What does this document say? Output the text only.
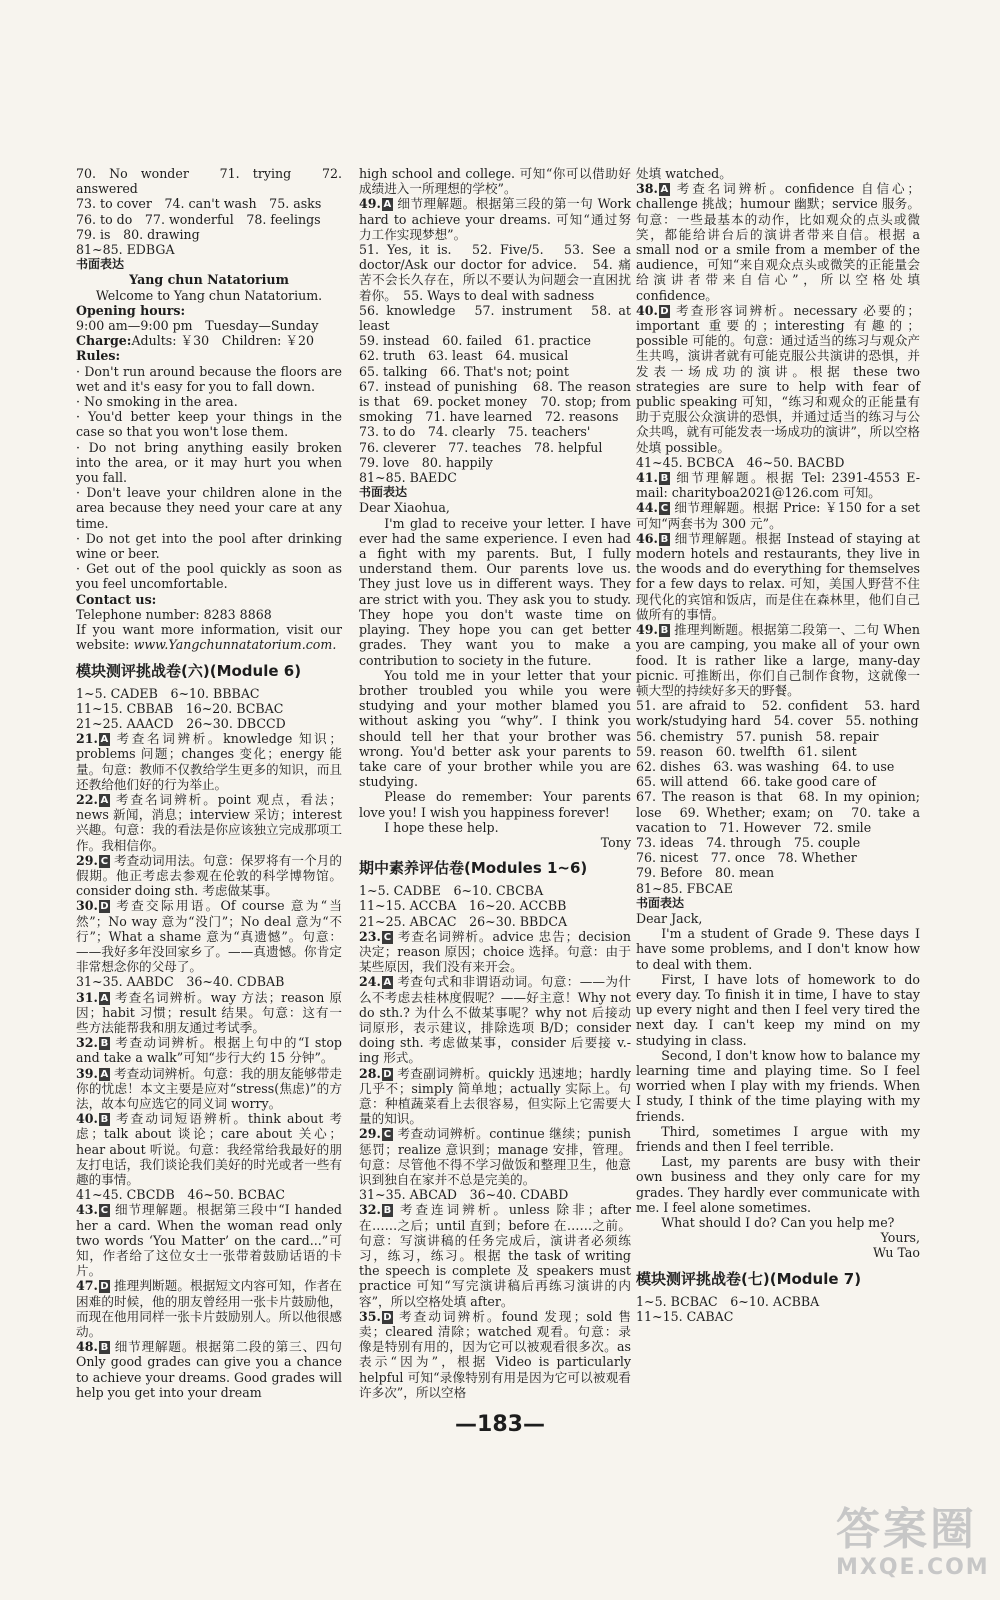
70. No wonder　71. trying　72. answered

73. to cover　74. can't wash　75. asks

76. to do　77. wonderful　78. feelings

79. is　80. drawing

81~85. EDBGA

书面表达

Yang chun Natatorium

Welcome to Yang chun Natatorium.

Opening hours:

9:00 am—9:00 pm　Tuesday—Sunday

Charge:Adults: ￥30　Children: ￥20

Rules:

· Don't run around because the floors are wet and it's easy for you to fall down.

· No smoking in the area.

· You'd better keep your things in the case so that you won't lose them.

· Do not bring anything easily broken into the area, or it may hurt you when you fall.

· Don't leave your children alone in the area because they need your care at any time.

· Do not get into the pool after drinking wine or beer.

· Get out of the pool quickly as soon as you feel uncomfortable.

Contact us:

Telephone number: 8283 8868

If you want more information, visit our website: www.Yangchunnatatorium.com.

模块测评挑战卷(六)(Module 6)

1~5. CADEB　6~10. BBBAC

11~15. CBBAB　16~20. BCBAC

21~25. AAACD　26~30. DBCCD

21. A 考查名词辨析。knowledge 知识；problems 问题；changes 变化；energy 能量。句意：教师不仅教给学生更多的知识，而且还教给他们好的行为举止。

22. A 考查名词辨析。point 观点，看法；news 新闻，消息；interview 采访；interest 兴趣。句意：我的看法是你应该独立完成那项工作。我相信你。

29. C 考查动词用法。句意：保罗将有一个月的假期。他正考虑去参观在伦敦的科学博物馆。consider doing sth. 考虑做某事。

30. D 考查交际用语。Of course 意为“当然”；No way 意为“没门”；No deal 意为“不行”；What a shame 意为“真遗憾”。句意：——我好多年没回家乡了。——真遗憾。你肯定非常想念你的父母了。

31~35. AABDC　36~40. CDBAB

31. A 考查名词辨析。way 方法；reason 原因；habit 习惯；result 结果。句意：这有一些方法能帮我和朋友通过考试季。

32. B 考查动词辨析。根据上句中的“I stop and take a walk”可知“步行大约 15 分钟”。

39. A 考查动词辨析。句意：我的朋友能够带走你的忧虑！本文主要是应对“stress(焦虑)”的方法，故本句应选它的同义词 worry。

40. B 考查动词短语辨析。think about 考虑；talk about 谈论；care about 关心；hear about 听说。句意：我经常给我最好的朋友打电话，我们谈论我们美好的时光或者一些有趣的事情。

41~45. CBCDB　46~50. BCBAC

43. C 细节理解题。根据第三段中“I handed her a card. When the woman read only two words ‘You Matter’ on the card...”可知，作者给了这位女士一张带着鼓励话语的卡片。

47. D 推理判断题。根据短文内容可知，作者在困难的时候，他的朋友曾经用一张卡片鼓励他，而现在他用同样一张卡片鼓励别人。所以他很感动。

48. B 细节理解题。根据第二段的第三、四句 Only good grades can give you a chance to achieve your dreams. Good grades will help you get into your dream

high school and college. 可知“你可以借助好成绩进入一所理想的学校”。

49. A 细节理解题。根据第三段的第一句 Work hard to achieve your dreams. 可知“通过努力工作实现梦想”。

51. Yes, it is.　52. Five/5.　53. See a doctor/Ask our doctor for advice.　54. 痛苦不会长久存在，所以不要认为问题会一直困扰着你。　55. Ways to deal with sadness

56. knowledge　57. instrument　58. at least

59. instead　60. failed　61. practice

62. truth　63. least　64. musical

65. talking　66. That's not; point

67. instead of punishing　68. The reason is that　69. pocket money　70. stop; from smoking　71. have learned　72. reasons

73. to do　74. clearly　75. teachers'

76. cleverer　77. teaches　78. helpful

79. love　80. happily

81~85. BAEDC

书面表达

Dear Xiaohua,

I'm glad to receive your letter. I have ever had the same experience. I even had a fight with my parents. But, I fully understand them. Our parents love us. They just love us in different ways. They are strict with you. They ask you to study. They hope you don't waste time on playing. They hope you can get better grades. They want you to make a contribution to society in the future.

You told me in your letter that your brother troubled you while you were studying and your mother blamed you without asking you “why”. I think you should tell her that your brother was wrong. You'd better ask your parents to take care of your brother while you are studying.

Please do remember: Your parents love you! I wish you happiness forever!

I hope these help.

Tony

期中素养评估卷(Modules 1~6)

1~5. CADBE　6~10. CBCBA

11~15. ACCBA　16~20. ACCBB

21~25. ABCAC　26~30. BBDCA

23. C 考查名词辨析。advice 忠告；decision 决定；reason 原因；choice 选择。句意：由于某些原因，我们没有来开会。

24. A 考查句式和非谓语动词。句意：——为什么不考虑去桂林度假呢？——好主意！Why not do sth.? 为什么不做某事呢？why not 后接动词原形，表示建议，排除选项 B/D；consider doing sth. 考虑做某事，consider 后要接 v.-ing 形式。

28. D 考查副词辨析。quickly 迅速地；hardly 几乎不；simply 简单地；actually 实际上。句意：种植蔬菜看上去很容易，但实际上它需要大量的知识。

29. C 考查动词辨析。continue 继续；punish 惩罚；realize 意识到；manage 安排，管理。句意：尽管他不得不学习做饭和整理卫生，他意识到独自在家并不总是完美的。

31~35. ABCAD　36~40. CDABD

32. B 考查连词辨析。unless 除非；after 在……之后；until 直到；before 在……之前。句意：写演讲稿的任务完成后，演讲者必须练习，练习，练习。根据 the task of writing the speech is complete 及 speakers must practice 可知“写完演讲稿后再练习演讲的内容”，所以空格处填 after。

35. D 考查动词辨析。found 发现；sold 售卖；cleared 清除；watched 观看。句意：录像是特别有用的，因为它可以被观看很多次。as 表示“因为”，根据 Video is particularly helpful 可知“录像特别有用是因为它可以被观看许多次”，所以空格

处填 watched。

38. A 考查名词辨析。confidence 自信心；challenge 挑战；humour 幽默；service 服务。句意：一些最基本的动作，比如观众的点头或微笑，都能给讲台后的演讲者带来自信。根据 a small nod or a smile from a member of the audience，可知“来自观众点头或微笑的正能量会给演讲者带来自信心”，所以空格处填 confidence。

40. D 考查形容词辨析。necessary 必要的；important 重要的；interesting 有趣的；possible 可能的。句意：通过适当的练习与观众产生共鸣，演讲者就有可能克服公共演讲的恐惧，并发表一场成功的演讲。根据 these two strategies are sure to help with fear of public speaking 可知，“练习和观众的正能量有助于克服公众演讲的恐惧，并通过适当的练习与公众共鸣，就有可能发表一场成功的演讲”，所以空格处填 possible。

41~45. BCBCA　46~50. BACBD

41. B 细节理解题。根据 Tel: 2391-4553 E-mail: charityboa2021@126.com 可知。

44. C 细节理解题。根据 Price: ￥150 for a set 可知“两套书为 300 元”。

46. B 细节理解题。根据 Instead of staying at modern hotels and restaurants, they live in the woods and do everything for themselves for a few days to relax. 可知，美国人野营不住现代化的宾馆和饭店，而是住在森林里，他们自己做所有的事情。

49. B 推理判断题。根据第二段第一、二句 When you are camping, you make all of your own food. It is rather like a large, many-day picnic. 可推断出，你们自己制作食物，这就像一顿大型的持续好多天的野餐。

51. are afraid to　52. confident　53. hard work/studying hard　54. cover　55. nothing

56. chemistry　57. punish　58. repair

59. reason　60. twelfth　61. silent

62. dishes　63. was washing　64. to use

65. will attend　66. take good care of

67. The reason is that　68. In my opinion; lose　69. Whether; exam; on　70. take a vacation to　71. However　72. smile

73. ideas　74. through　75. couple

76. nicest　77. once　78. Whether

79. Before　80. mean

81~85. FBCAE

书面表达

Dear Jack,

I'm a student of Grade 9. These days I have some problems, and I don't know how to deal with them.

First, I have lots of homework to do every day. To finish it in time, I have to stay up every night and then I feel very tired the next day. I can't keep my mind on my studying in class.

Second, I don't know how to balance my learning time and playing time. So I feel worried when I play with my friends. When I study, I think of the time playing with my friends.

Third, sometimes I argue with my friends and then I feel terrible.

Last, my parents are busy with their own business and they only care for my grades. They hardly ever communicate with me. I feel alone sometimes.

What should I do? Can you help me?

Yours,

Wu Tao

模块测评挑战卷(七)(Module 7)

1~5. BCBAC　6~10. ACBBA

11~15. CABAC

—183—
答案圈
MXQE.COM
